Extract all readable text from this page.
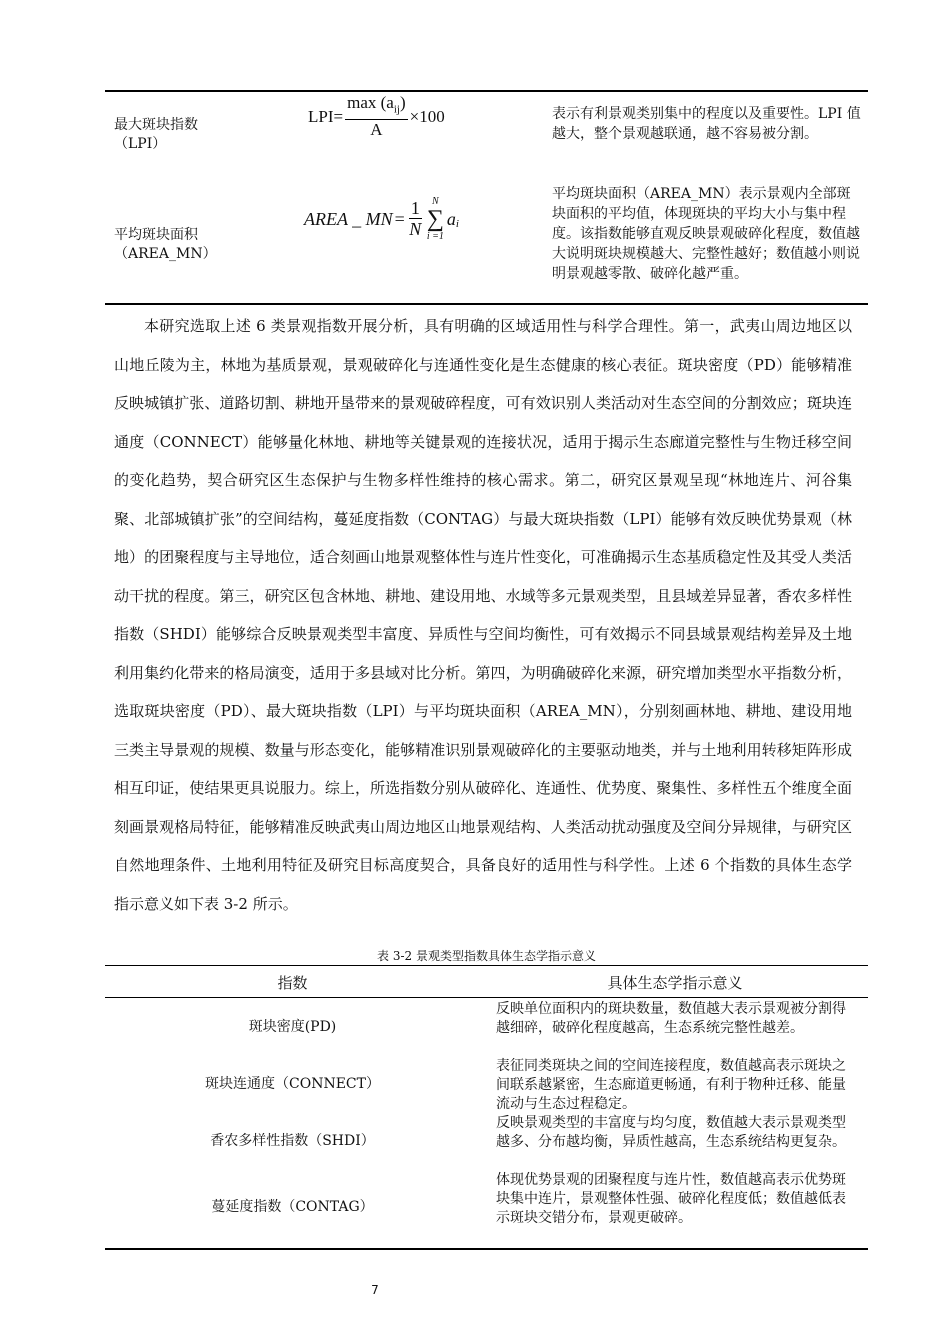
最大斑块指数
（LPI）
LPI = $\frac{\max (a_{ij})}{A} \times 100$	表示有利景观类别集中的程度以及重要性。LPI 值越大，整个景观越联通，越不容易被分割。
平均斑块面积
（AREA_MN）
AREA _ MN = $\frac{1}{N}$ N
∑
i =1
$a_i$
平均斑块面积（AREA_MN）表示景观内全部斑块面积的平均值，体现斑块的平均大小与集中程度。该指数能够直观反映景观破碎化程度，数值越大说明斑块规模越大、完整性越好；数值越小则说明景观越零散、破碎化越严重。

本研究选取上述 6 类景观指数开展分析，具有明确的区域适用性与科学合理性。第一，武夷山周边地区以山地丘陵为主，林地为基质景观，景观破碎化与连通性变化是生态健康的核心表征。斑块密度（PD）能够精准反映城镇扩张、道路切割、耕地开垦带来的景观破碎程度，可有效识别人类活动对生态空间的分割效应；斑块连通度（CONNECT）能够量化林地、耕地等关键景观的连接状况，适用于揭示生态廊道完整性与生物迁移空间的变化趋势，契合研究区生态保护与生物多样性维持的核心需求。第二，研究区景观呈现“林地连片、河谷集聚、北部城镇扩张”的空间结构，蔓延度指数（CONTAG）与最大斑块指数（LPI）能够有效反映优势景观（林地）的团聚程度与主导地位，适合刻画山地景观整体性与连片性变化，可准确揭示生态基质稳定性及其受人类活动干扰的程度。第三，研究区包含林地、耕地、建设用地、水域等多元景观类型，且县域差异显著，香农多样性指数（SHDI）能够综合反映景观类型丰富度、异质性与空间均衡性，可有效揭示不同县域景观结构差异及土地利用集约化带来的格局演变，适用于多县域对比分析。第四，为明确破碎化来源，研究增加类型水平指数分析，选取斑块密度（PD）、最大斑块指数（LPI）与平均斑块面积（AREA_MN），分别刻画林地、耕地、建设用地三类主导景观的规模、数量与形态变化，能够精准识别景观破碎化的主要驱动地类，并与土地利用转移矩阵形成相互印证，使结果更具说服力。综上，所选指数分别从破碎化、连通性、优势度、聚集性、多样性五个维度全面刻画景观格局特征，能够精准反映武夷山周边地区山地景观结构、人类活动扰动强度及空间分异规律，与研究区自然地理条件、土地利用特征及研究目标高度契合，具备良好的适用性与科学性。上述 6 个指数的具体生态学指示意义如下表 3-2 所示。

表 3-2 景观类型指数具体生态学指示意义
指数	具体生态学指示意义
斑块密度(PD)
反映单位面积内的斑块数量，数值越大表示景观被分割得越细碎，破碎化程度越高，生态系统完整性越差。
斑块连通度（CONNECT）
表征同类斑块之间的空间连接程度，数值越高表示斑块之间联系越紧密，生态廊道更畅通，有利于物种迁移、能量流动与生态过程稳定。
香农多样性指数（SHDI）
反映景观类型的丰富度与均匀度，数值越大表示景观类型越多、分布越均衡，异质性越高，生态系统结构更复杂。
蔓延度指数（CONTAG）
体现优势景观的团聚程度与连片性，数值越高表示优势斑块集中连片，景观整体性强、破碎化程度低；数值越低表示斑块交错分布，景观更破碎。
7
